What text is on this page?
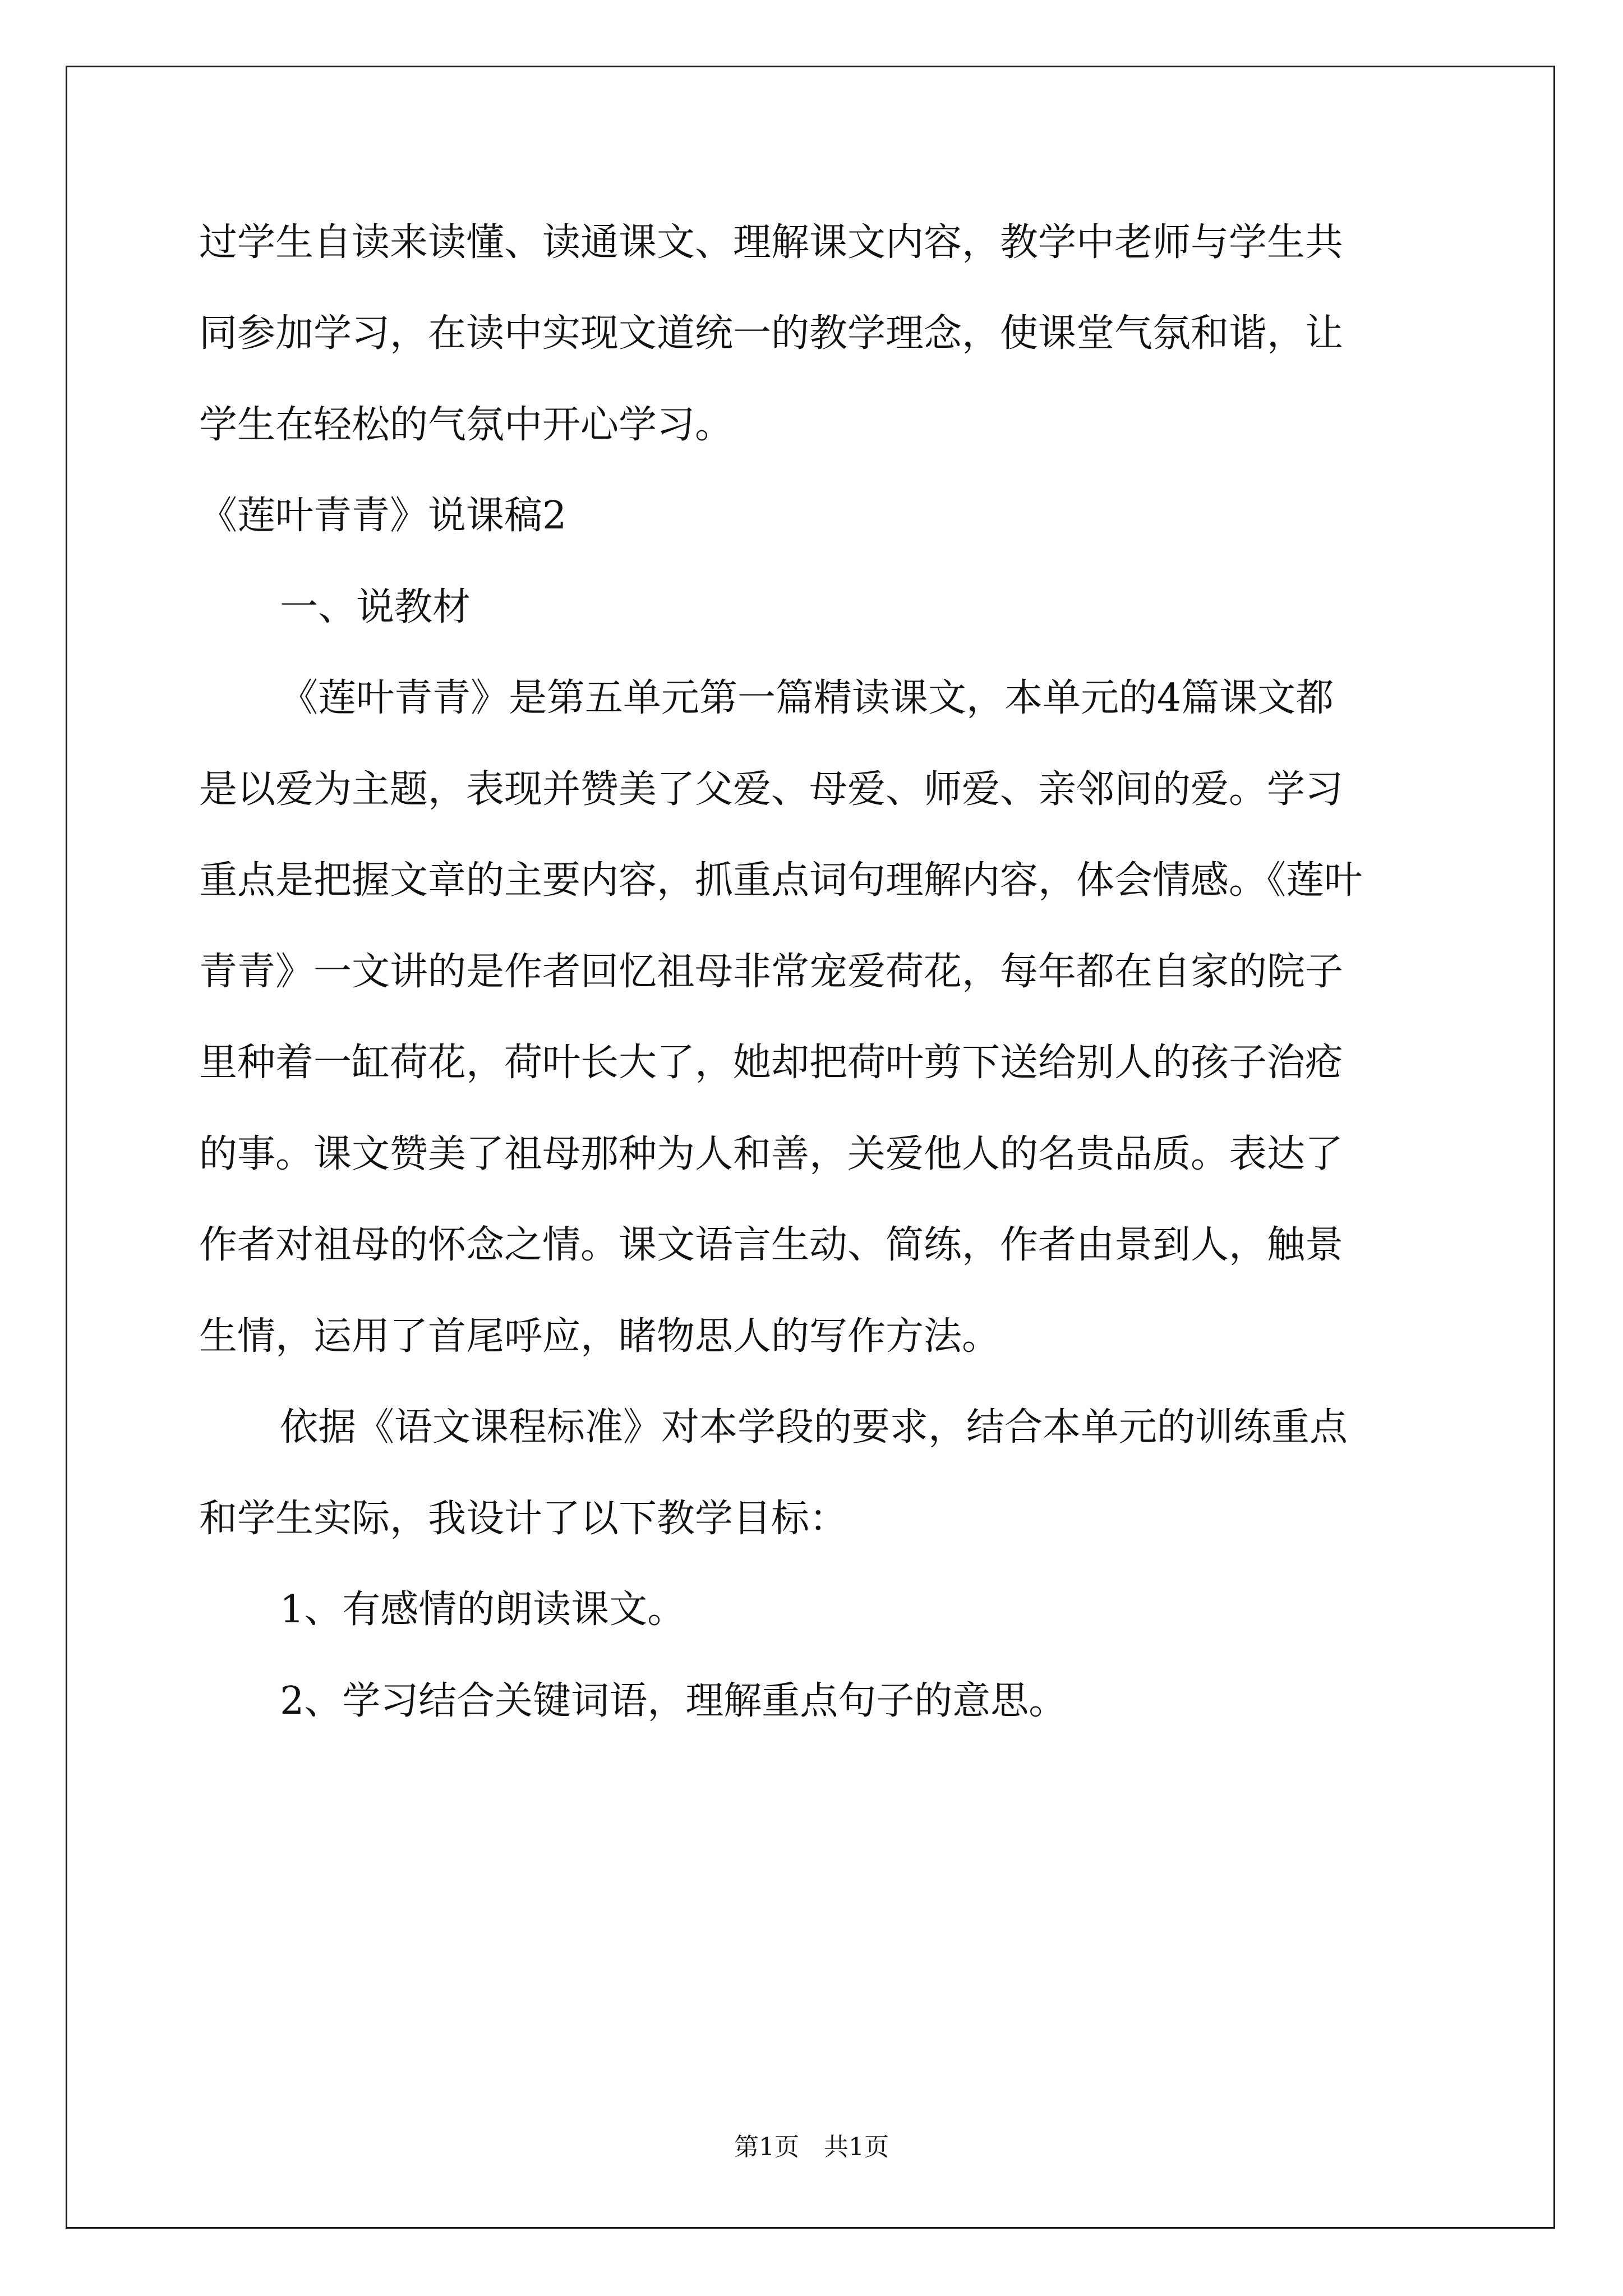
过学生自读来读懂、读通课文、理解课文内容，教学中老师与学生共
同参加学习，在读中实现文道统一的教学理念，使课堂气氛和谐，让
学生在轻松的气氛中开心学习。
《莲叶青青》说课稿2
一、说教材
《莲叶青青》是第五单元第一篇精读课文，本单元的4篇课文都
是以爱为主题，表现并赞美了父爱、母爱、师爱、亲邻间的爱。学习
重点是把握文章的主要内容，抓重点词句理解内容，体会情感。《莲叶
青青》一文讲的是作者回忆祖母非常宠爱荷花，每年都在自家的院子
里种着一缸荷花，荷叶长大了，她却把荷叶剪下送给别人的孩子治疮
的事。课文赞美了祖母那种为人和善，关爱他人的名贵品质。表达了
作者对祖母的怀念之情。课文语言生动、简练，作者由景到人，触景
生情，运用了首尾呼应，睹物思人的写作方法。
依据《语文课程标准》对本学段的要求，结合本单元的训练重点
和学生实际，我设计了以下教学目标：
1、有感情的朗读课文。
2、学习结合关键词语，理解重点句子的意思。
第1页　共1页
